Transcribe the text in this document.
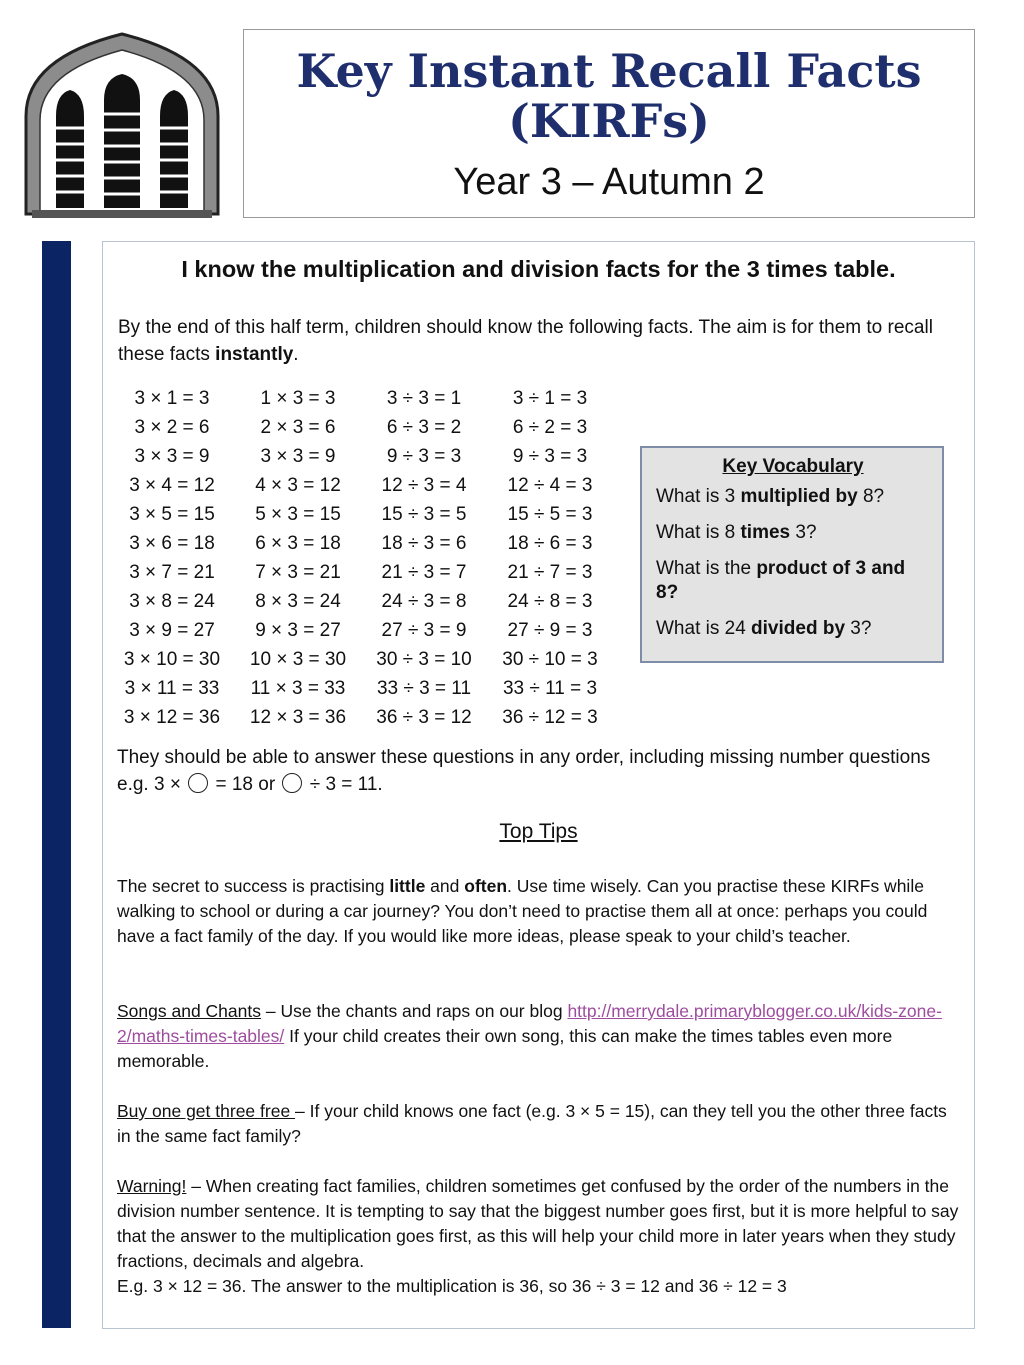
Key Instant Recall Facts
(KIRFs)
Year 3 – Autumn 2
I know the multiplication and division facts for the 3 times table.
By the end of this half term, children should know the following facts. The aim is for them to recall these facts instantly.
3 × 1 = 3
3 × 2 = 6
3 × 3 = 9
3 × 4 = 12
3 × 5 = 15
3 × 6 = 18
3 × 7 = 21
3 × 8 = 24
3 × 9 = 27
3 × 10 = 30
3 × 11 = 33
3 × 12 = 36
1 × 3 = 3
2 × 3 = 6
3 × 3 = 9
4 × 3 = 12
5 × 3 = 15
6 × 3 = 18
7 × 3 = 21
8 × 3 = 24
9 × 3 = 27
10 × 3 = 30
11 × 3 = 33
12 × 3 = 36
3 ÷ 3 = 1
6 ÷ 3 = 2
9 ÷ 3 = 3
12 ÷ 3 = 4
15 ÷ 3 = 5
18 ÷ 3 = 6
21 ÷ 3 = 7
24 ÷ 3 = 8
27 ÷ 3 = 9
30 ÷ 3 = 10
33 ÷ 3 = 11
36 ÷ 3 = 12
3 ÷ 1 = 3
6 ÷ 2 = 3
9 ÷ 3 = 3
12 ÷ 4 = 3
15 ÷ 5 = 3
18 ÷ 6 = 3
21 ÷ 7 = 3
24 ÷ 8 = 3
27 ÷ 9 = 3
30 ÷ 10 = 3
33 ÷ 11 = 3
36 ÷ 12 = 3
Key Vocabulary
What is 3 multiplied by 8?
What is 8 times 3?
What is the product of 3 and 8?
What is 24 divided by 3?
They should be able to answer these questions in any order, including missing number questions e.g. 3 ×  = 18 or  ÷ 3 = 11.
Top Tips
The secret to success is practising little and often. Use time wisely. Can you practise these KIRFs while walking to school or during a car journey? You don’t need to practise them all at once: perhaps you could have a fact family of the day. If you would like more ideas, please speak to your child’s teacher.
Songs and Chants – Use the chants and raps on our blog http://merrydale.primaryblogger.co.uk/kids-zone-2/maths-times-tables/ If your child creates their own song, this can make the times tables even more memorable.
Buy one get three free – If your child knows one fact (e.g. 3 × 5 = 15), can they tell you the other three facts in the same fact family?
Warning! – When creating fact families, children sometimes get confused by the order of the numbers in the division number sentence. It is tempting to say that the biggest number goes first, but it is more helpful to say that the answer to the multiplication goes first, as this will help your child more in later years when they study fractions, decimals and algebra.
E.g. 3 × 12 = 36. The answer to the multiplication is 36, so 36 ÷ 3 = 12 and 36 ÷ 12 = 3
